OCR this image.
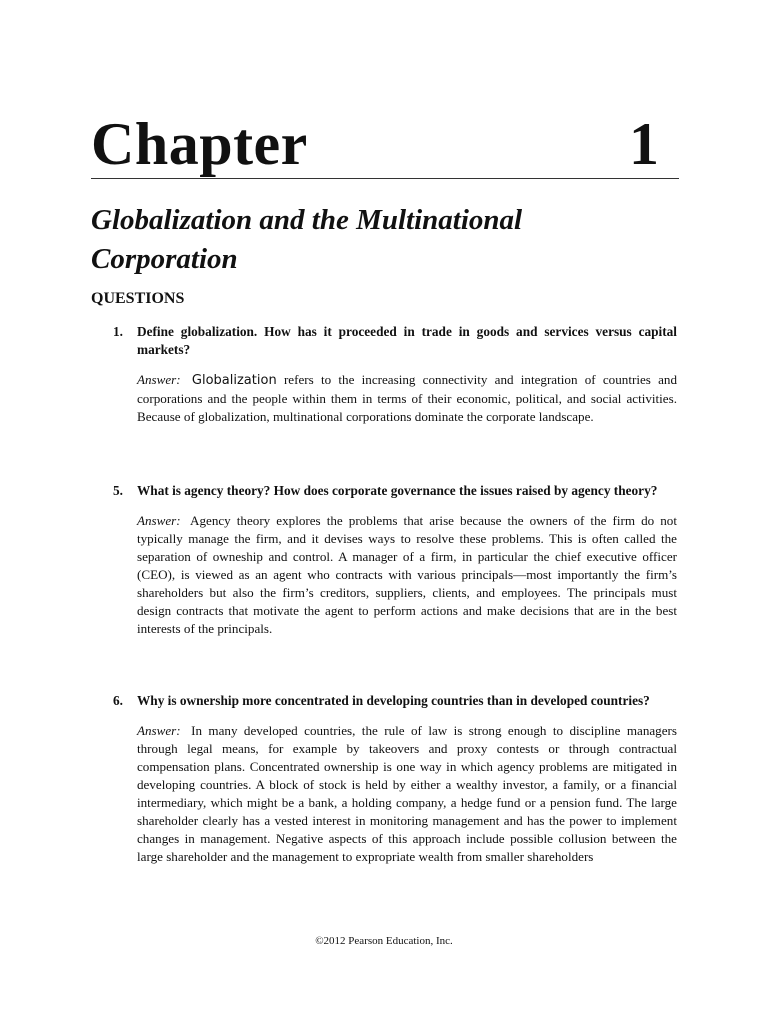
Chapter	1
Globalization and the Multinational Corporation
QUESTIONS
1. Define globalization. How has it proceeded in trade in goods and services versus capital markets?
Answer: Globalization refers to the increasing connectivity and integration of countries and corporations and the people within them in terms of their economic, political, and social activities. Because of globalization, multinational corporations dominate the corporate landscape.
5. What is agency theory? How does corporate governance the issues raised by agency theory?
Answer: Agency theory explores the problems that arise because the owners of the firm do not typically manage the firm, and it devises ways to resolve these problems. This is often called the separation of owneship and control. A manager of a firm, in particular the chief executive officer (CEO), is viewed as an agent who contracts with various principals—most importantly the firm’s shareholders but also the firm’s creditors, suppliers, clients, and employees. The principals must design contracts that motivate the agent to perform actions and make decisions that are in the best interests of the principals.
6. Why is ownership more concentrated in developing countries than in developed countries?
Answer: In many developed countries, the rule of law is strong enough to discipline managers through legal means, for example by takeovers and proxy contests or through contractual compensation plans. Concentrated ownership is one way in which agency problems are mitigated in developing countries. A block of stock is held by either a wealthy investor, a family, or a financial intermediary, which might be a bank, a holding company, a hedge fund or a pension fund. The large shareholder clearly has a vested interest in monitoring management and has the power to implement changes in management. Negative aspects of this approach include possible collusion between the large shareholder and the management to expropriate wealth from smaller shareholders
©2012 Pearson Education, Inc.
